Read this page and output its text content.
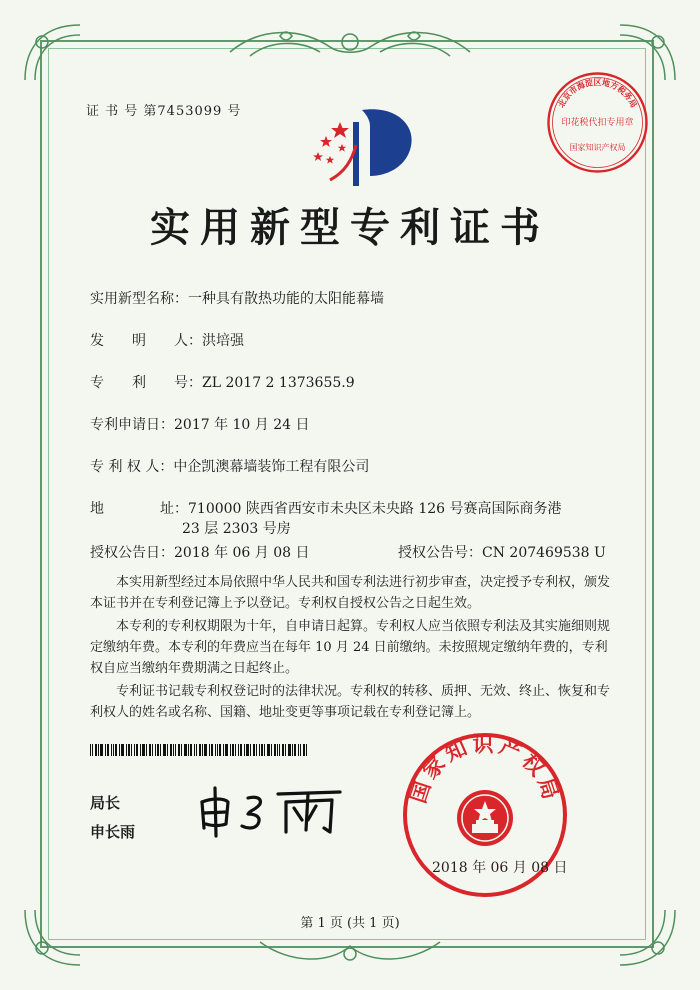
证 书 号 第7453099 号
北京市海淀区地方税务局
印花税代扣专用章
国家知识产权局
实用新型专利证书
实用新型名称：一种具有散热功能的太阳能幕墙
发　　明　　人：洪培强
专　　利　　号：ZL 2017 2 1373655.9
专利申请日：2017 年 10 月 24 日
专 利 权 人：中企凯澳幕墙装饰工程有限公司
地　　　　址：710000 陕西省西安市未央区未央路 126 号赛高国际商务港
23 层 2303 号房
授权公告日：2018 年 06 月 08 日	授权公告号：CN 207469538 U

本实用新型经过本局依照中华人民共和国专利法进行初步审查，决定授予专利权，颁发本证书并在专利登记簿上予以登记。专利权自授权公告之日起生效。

本专利的专利权期限为十年，自申请日起算。专利权人应当依照专利法及其实施细则规定缴纳年费。本专利的年费应当在每年 10 月 24 日前缴纳。未按照规定缴纳年费的，专利权自应当缴纳年费期满之日起终止。

专利证书记载专利权登记时的法律状况。专利权的转移、质押、无效、终止、恢复和专利权人的姓名或名称、国籍、地址变更等事项记载在专利登记簿上。

局长
申长雨
国家知识产权局
2018 年 06 月 08 日
第 1 页 (共 1 页)
